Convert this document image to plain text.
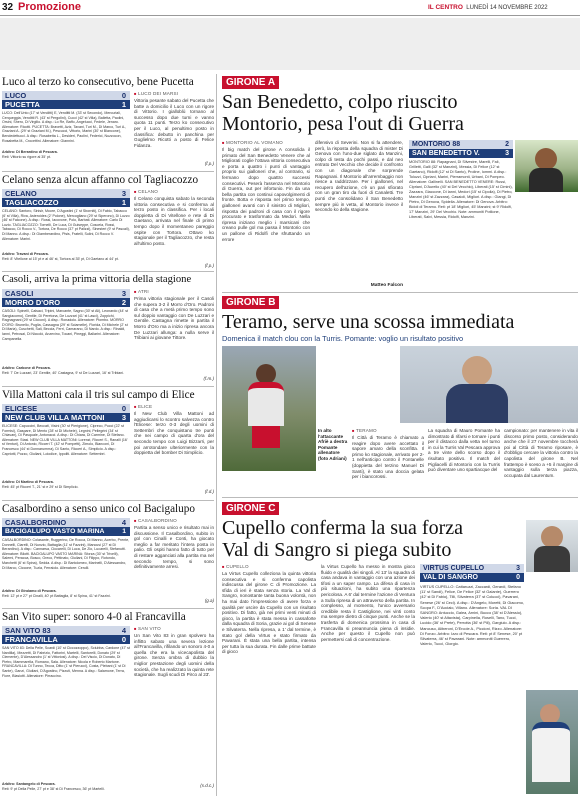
32 Promozione	IL CENTRO LUNEDÌ 14 NOVEMBRE 2022
Luco al terzo ko consecutivo, bene Pucetta
LUCO	0
PUCETTA	1
LUCO: Dell'Unto (17' st Venditti) E, Venditti M. (33' st Secondo), Mercuriali, Cerqueggia, Venditti R. (43' st Pergolini), Cucci (42' st Villa), Balletta, Paolini, Orsini, Shero, Di Virgilio. A disp.: Lo Re, Baffo, Angelucci, Fedele, Jenaro. Allenatore: Ricotti. PUCETTA: Bravetti, Aziz, Tavani, Turi M., Di Marco, Turi A., Graziani A. (29' st Graziani M.), Pescucci, Vittorio, Marini (30' st Blancone), Bendedettucci. A disp.: Rosabetta L., Desideri, Paolini, Federici, Nuzzocon, Rosabetta M., Crocettini. Allenatore: Giannini.
Arbitro: Di Berardino di Pescara.
Reti: Vittorio su rigore al 35' pt.
■ LUCO DEI MARSI
Vittoria pesante sabato del Pucetta che batte a domicilio il Luco con un rigore di Vittorio. I gialloblù tornano al successo dopo due turni e vanno quota 11 punti. Terzo ko consecutivo per il Luco, al penultimo posto in classifica: debutto in panchina per Guglielmo Ricotti a posto di Felice Fidanza.
(f.p.)
Celano senza alcun affanno col Tagliacozzo
CELANO	3
TAGLIACOZZO	1
CELANO: Santoro, Sinisir, Moore, D'Agostini (1' st Sborniti), Di Fabio, Tabacco (6' st Villa), Riva, Asteroides (2' Polone), Mercogliano (29' st Siperono), Di Luzzo (46' st Falcone). A disp.: Rossi, Iacovone, Polo, Barbati. Allenatore: Carlo Di Luzio. TAGLIACOZZO: Tornelli, De Luca, Di Guiseppe, Cosceia, Rossi, Tabacco, Di Rocco V., Tortora, De Rocco (37' pt Palizzi), Sinesteri (9' st Pascali), Di Manno. A disp.: Di Giamberardino, Pisis, Fratelli, Sulini, Di Rocco V. Allenatore: Marini.
Arbitro: Travani di Pescara.
Reti: 8' Vitellone al 15' pt e al 46' st, Tortora al 35' pt, Di Gaetano al 44' pt.
■ CELANO
Il Celano conquista sabato la seconda vittoria consecutiva e si conferma al terzo posto in classifica. Per i locali doppietta di Di Vitellone e rete di Di Gaetano, arrivata nel finale di primo tempo dopo il momentaneo pareggio ospite con Tortora. Ottavo ko stagionale per il Tagliacozzo, che resta all'ultimo posto.
(f.p.)
Casoli, arriva la prima vittoria della stagione
CASOLI	3
MORRO D'ORO	2
CASOLI: Spinelli, Calsaci, Tripini, Marcante, Sagno (30' st Ali), Leonardo (44' st Sangiacomo), Gentile, Di Peretona, De Luzzari (41' st Lasci), Zoppichi, Ragnagnani (29' st Cicconi). A disp.: Ronadolo. Allenatore: Piombo. MORRO D'ORO: Brunello, Puglia, Cassagna (29' st Sciamelle), Florida, Di Michele (2' st Di Maria), Cuschetti, Sali, Beccia, Ferri, Camarano, Di Nardo. A disp.: Rinaldi, Ianni, Petrosai, Di Niccolò, Anzevino, Tocani, Pineggi, Ballarini. Allenatore: Campanella.
Arbitro: Carbone di Pescara.
Reti: 7' De Luzzari, 23' Gentile, 40' Castagna, 9' st De Luzzari, 16' st Tribiani.
■ ATRI
Prima vittoria stagionale per il Casoli che supera 3-2 il Morro d'Oro. Padroni di casa che a metà primo tempo sono sul doppio vantaggio con De Luzzari e Gentile. Castagna rimette in partita il Morro d'Oro ma a inizio ripresa ancora De Luzzari allunga: a nulla serve il Tribiani ai giovane Tittore.
(f.m.)
Villa Mattoni cala il tris sul campo di Elice
ELICESE	0
NEW CLUB VILLA MATTONI 3
ELICESE: Capuccini, Beccati, Visini (30' st Pierigione), Cipreco, Pucci (22' st Formisi), Gaspare, Di Mento (28' st Di Michele), Legnini, Pellegrini (34' st Chiavan), Di Pasquale, Antonacci. A disp.: Di Chiara, Di Carmine, Di Stefano. Allenatore: Stasi. NEW CLUB VILLA MATTONI: Lorenzi, Ricceri S., Ranalli (16' st Venturi), Di Antonio, Ricceri T. (42' st Pompetti), Zimolo, Bianconi, Di Francesco (44' st Donnarumma), Di Santo, Ricceri A., Simplicio. A disp.: Capriotti, Pozzo, Giuliani, Loiodice, Ippoliti. Allenatore: Settembri.
Arbitro: Di Martino di Pescara.
Reti: 45' pt Ricceri T., 21' st e 29' st Di Simplicio.
■ ELICE
Il New Club Villa Mattoni ad aggiudicarsi lo scontro salvezza contro l'Elicese: terzo 0-3 degli uomini di Settembri che conquistano tre punti che nei campo di quarta d'ora del secondo tempo con Luigi Bizzarri, per poi arrotondare ulteriormente con la doppietta del bomber Di Simplicio.
(f.d.)
Casalbordino a senso unico col Bacigalupo
CASALBORDINO	4
BACIGALUPO VASTO MARINA	1
CASALBORDINO: Colasante, Ruggerino, De Rocca, Di Manno, Acerbo, Prente, Donnelli, Ciarelli, Di Nunzio, Battaglia (11' st Fazzini), Mancusi (27' st Di Berardino). A disp.: Cannarsa, Ciccarelli, Di Luca, De Zio, Lucarelli, Stefanutti. Allenatore: Bilotti. BACIGALUPO VASTO MARINA: Sforza (30' st Trivelli), Salerni, Peracca, Bosco, Greco, Pettinato, Giuliani, Di Filippo, Rotondo, Marchetti (6' st Spina), Sedda. A disp.: Di Bartolomeo, Marinelli, D'Alessandro, Di Marco, Ciccone, Tuzia, Ferraiolo. Allenatore: Cerulli.
Arbitro: Di Girolamo di Pescara.
Reti: 12' pt e 27' pt Cinalli, 40' pt Battaglia, 8' st Spina, 41' st Fazzini.
■ CASALBORDINO
Partita a senso unico e risultato mai in discussione. Il Casalbordino, subito in gol con Cinalli e Conti, ha giocato meglio a far meritato l'intera posta in palio. Gli ospiti hanno fatto di tutto per di restare agganciati alla partita ma nel secondo tempo, si sono definitivamente arresi.
(g.a)
San Vito super: sonoro 4-0 al Francavilla
SAN VITO 83	4
FRANCAVILLA	0
SAN VITO 83: Della Pelle, Scardi (10' st Ciccozzoppo), Sciubba, Cardone (47' st Nardilla), Mezzetti, Di Fabrizio, Fattorini, Martelli, Santorelli, Donato (29' st Clemente), D'Alessandro (1' st Vittoriosi). A disp.: Del Viscio, Di Donato, Di Pietro, Mammarella, Romano, Sala. Allenatore: Nicola e Roberto Martone. FRANCAVILLA: Di Tunno, Tecca, Ditto (1' st Pierucci), Costa, Plebani (1' st Di Sante), Ganzì, Giuliani, D'Agostino, Pizzuti, Menna. A disp.: Salamone, Terra, Fiore, Blasiotti. Allenatore: Pirraccino.
Arbitro: Santangelo di Pescara.
Reti: 9' pt Della Pelle, 27' pt e 38' st Di Francesco, 36' pt Martelli.
■ SAN VITO
Un San Vito 83 in gran spolvero ha inflitto sabato una severa lezione all'Francavilla, rifilando un sonoro 4-0 a quella che era la vicecapolista del girone. Senza ombra di dubbio la miglior prestazione degli uomini della società, che ha realizzato la quinta rete stagionale. Sugli scudi Di Pirco al 23'.
(s.d.c.)
GIRONE A
San Benedetto, colpo riuscito
Montorio, pesa l'out di Guerra
■ MONTORIO AL VOMANO
Il big match del girone A consolida il primato del San Benedetto Venere che al Migliorati coglie l'ottava vittoria consecutiva e porta a quattro i punti di vantaggio proprio sui gialloneri che, al contrario, si fermano dopo quattro successi consecutivi. Peserà l'assenza nel Montorio di Guerra, out per infortunio. Fin da una bella partita con continui capovolgimenti di fronte. Botta e risposta nel primo tempo, gialloneri avanti con il sinistro di Migliori, risposta dei padroni di casa con il rigore procurato e trasformato da Medori. Nella ripresa iniziano meglio i marsicani che creano pulle gol ma passa il Montorio con un pallone di Ridolfi che sfruttando un errore
difensivo di Severini. Non si fa attendere, però, la risposta della squadra di mister Di Genova con l'uno-due siglato da Manzini, colpo di testa da pochi passi, e dal neo entrato Del Vecchio che decide il confronto con un diagonale che sorprende Rapagnani. Il Montorio all'arrembaggio non riesce a raddrizzare. Per i gialloneri, nel recupero dell'azione, c'è un pari sfiorato con un gran tiro da fuori di Canaletti. Tre punti che consolidano il San Benedetto sempre più in vetta, al Montorio invece il secondo ko della stagione.
Matteo Falcon
MONTORIO 88	2
SAN BENEDETTO V.	3
MONTORIO 88: Rapagnani, Di Silvestre, Marelli, Falì, Grilletti, Galli (32' st Manzini), Messia, Di Felice (12' st Gaetano), Ridolfi (12' st Di Santo), Proline, Iommi. A disp.: Tolozzi, Cipriani, Marini, Pierramonti, Urbani, Di Pompeo. Allenatore: Gallinelli. SAN BENEDETTO VENERE: Russi, Cipriani, D'Aurelio (40' st Del Vecchio), Liberati (15' st Cimini), Zazzara, Giaccone, Di Ianni, Medori (15' st Cipolla), Di Pietro, Manzini (46' st Zazzara), Casaioli, Migliori. A disp.: Giangi, Di Pietro, Di Genova, Spidella. Allenatore: Di Genova. Arbitro: Bidoli di Teramo. Reti: pt 18' Migliori, 45' Manzini; st 9' Ridolfi, 17' Manzini, 29' Del Vecchio. Note: ammoniti Potilone, Liberati, Salvi, Messia, Ridolfi, Manzini.
GIRONE B
Teramo, serve una scossa immediata
Domenica il match clou con la Turris. Pomante: voglio un risultato positivo
In alto l'attaccante Afriè a destra Pomante allenatore (foto Adriani)
■ TERAMO
Il Città di Teramo è chiamato a reagire dopo avere accettato il sapore amaro della sconfitta. Il primo ko stagionale, arrivato per 2-1 nell'anticipo contro il Fontanelle (doppietta del terzino Manuel Di Santi), è stato una doccia gelata per i biancorossi.
La squadra di Mauro Pomante ha dimostrato di rifarsi e tornare i punti per il distacco dalla vetta nel turno in cui la Turris Val Pescara approva a tre vinte dello scorso dopo il risultato positivo. Il match del Pigliacelli di Montorio con la Turris può diventare uno spartiacque del
campionato: per mantenere in vita il discorso primo posto, considerando anche che il 27 novembre toccherà poi al Città di Teramo riposare, è d'obbligo cercare la vittoria contro la capolista del girone B. Nel frattempo è sceso a +5 il margine di vantaggio sulla terza piazza, occupata dal Laurentum.
GIRONE C
Cupello conferma la sua forza
Val di Sangro si piega subito
■ CUPELLO
La Virtus Cupello colleziona la quinta vittoria consecutiva e si conferma capolista indiscussa del girone C di Promozione. La sfida di ieri è stata senza storia. La Val di Sangro, nonostante tanta buona volontà, non ha mai dato l'impressione di avere forza e qualità per uscire da Cupello con un risultato positivo. Di fatto, già nei primi venti minuti di gioco, la partita è stata messa in cassaforte dalla squadra di Soria, grazie ai gol di Senese e Silvaterra. Nella ripresa, a 1' dal termine, è stato gol della Virtus e stato firmato da Pavarani. È stata una bella partita, intensa per tutta la sua durata. Fin dalle prime battute di gioco
la Virtus Cupello ha messo in mostra gioco fluido e qualità dei singoli. Al 13' la squadra di casa andava in vantaggio con una azione dei tifosi a un saper campo. La difesa di casa in più situazioni, ha subito una ripartenza pericolosa. A 6' dal termine l'azione di Ventura a Sulla ripresa di un attraverso della partita. In complesso, al momento, l'unico avversario credibile resta il Castiglione, nei vinti conto ma sempre dietro di cinque punti. Anche se la trasferta di domenica prossima in casa di Francavilla si preannuncia piena di insidie. Anche per questo il Cupello non può permettersi cali di concentrazione.
VIRTUS CUPELLO	3
VAL DI SANGRO	0
VIRTUS CUPELLO: Cattaruzzi, Zaccardi, Gerardi, Stefano (11' st Sandi), Felice, De Felice (32' st Galante), Guerrero (42' st Di Fabio), Tilli, Silvaterra (37' st Colucci), Pavarani, Senese (26' st Ceci). A disp.: D'Angelo, Moretti, Di Giacomo, Scopa F., D'Acciaio, Villano. Allenatore: Soria. VAL DI SANGRO: Antuccio, Galea, Arnini, Bucco (38' st D'Alessio), Valerio (40' st Altavista), Carpinella, Roselli, Tano, Tucci, Lucido (36' st Prete), Perrotta (36' st Pili), Gargiulo. A disp.: Mancuso, Aliberoni, D'Ercole A., Piccioni, Rizzo. Allenatore: Di Fonzo. Arbitro: Izzo di Pescara. Reti: pt 8' Senese, 20' pt Silvaterra, 46' st Pavarani. Note: ammoniti Guerrero, Valerio, Tucci, Giorgio.
